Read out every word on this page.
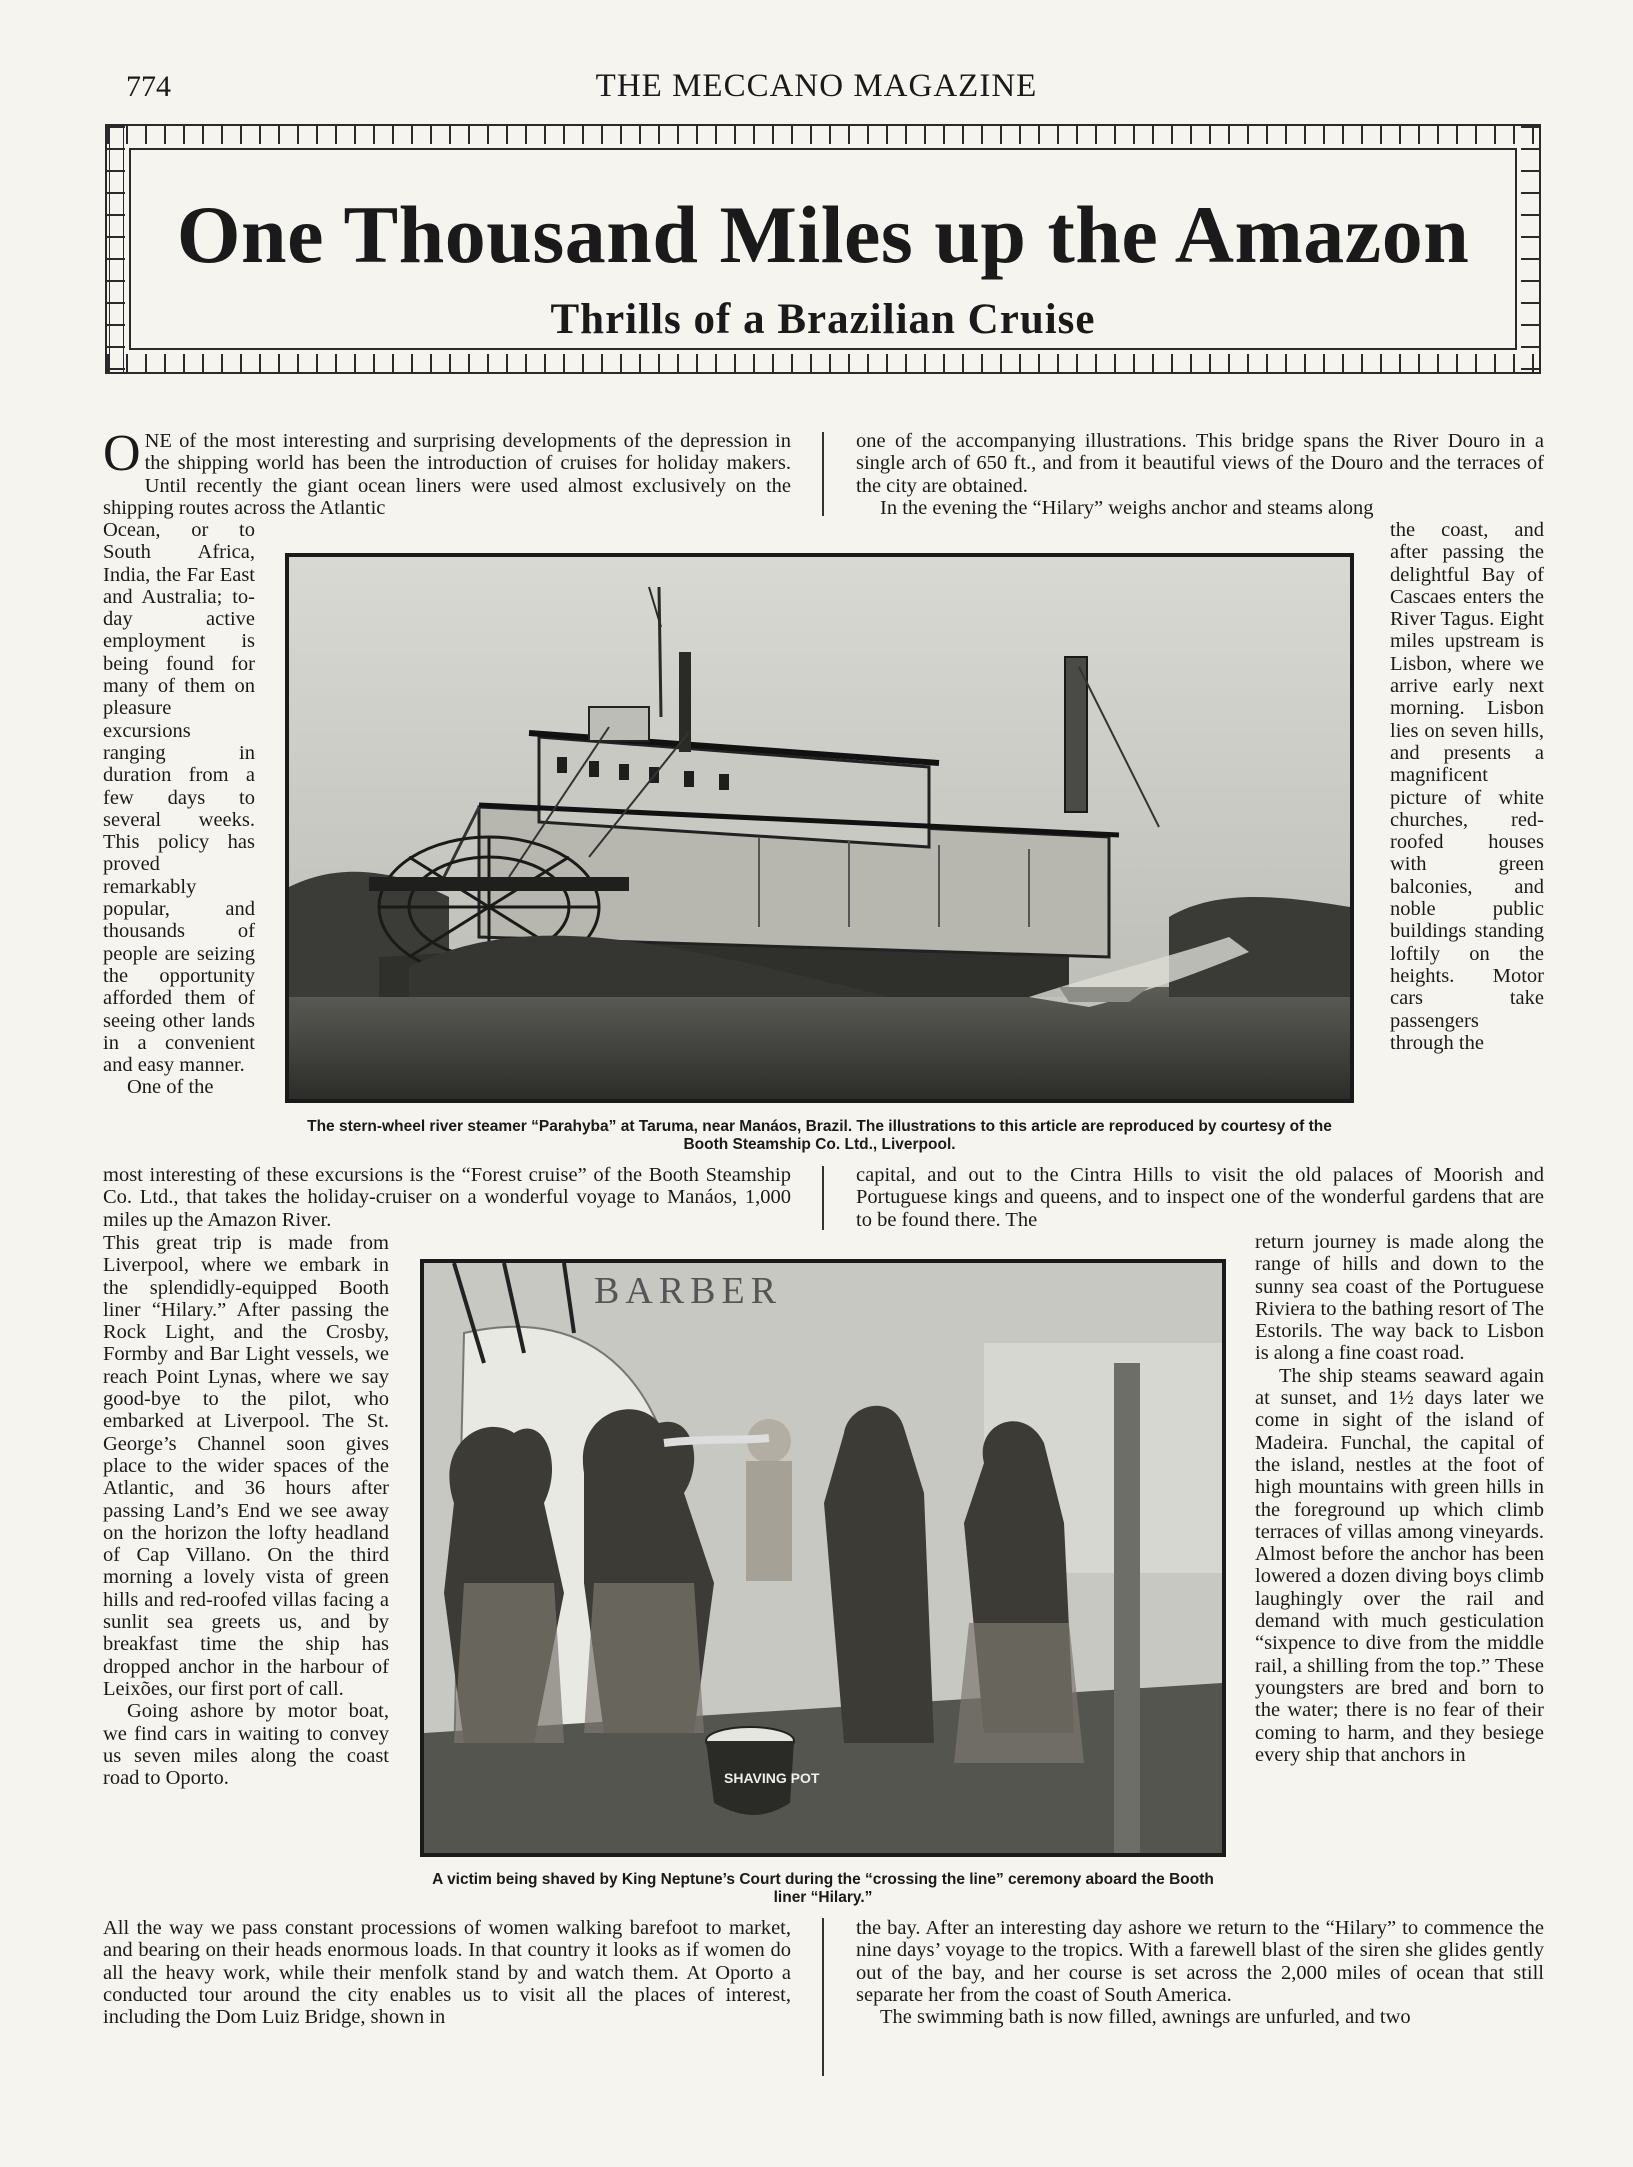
774	THE MECCANO MAGAZINE
One Thousand Miles up the Amazon
Thrills of a Brazilian Cruise

ONE of the most interesting and surprising developments of the depression in the shipping world has been the introduction of cruises for holiday makers. Until recently the giant ocean liners were used almost exclusively on the shipping routes across the Atlantic

Ocean, or to South Africa, India, the Far East and Australia; to-day active employment is being found for many of them on pleasure excursions ranging in duration from a few days to several weeks. This policy has proved remarkably popular, and thousands of people are seizing the opportunity afforded them of seeing other lands in a convenient and easy manner.

One of the

most interesting of these excursions is the “Forest cruise” of the Booth Steamship Co. Ltd., that takes the holiday-cruiser on a wonderful voyage to Manáos, 1,000 miles up the Amazon River.

This great trip is made from Liverpool, where we embark in the splendidly-equipped Booth liner “Hilary.” After passing the Rock Light, and the Crosby, Formby and Bar Light vessels, we reach Point Lynas, where we say good-bye to the pilot, who embarked at Liverpool. The St. George’s Channel soon gives place to the wider spaces of the Atlantic, and 36 hours after passing Land’s End we see away on the horizon the lofty headland of Cap Villano. On the third morning a lovely vista of green hills and red-roofed villas facing a sunlit sea greets us, and by breakfast time the ship has dropped anchor in the harbour of Leixões, our first port of call.

Going ashore by motor boat, we find cars in waiting to convey us seven miles along the coast road to Oporto.

All the way we pass constant processions of women walking barefoot to market, and bearing on their heads enormous loads. In that country it looks as if women do all the heavy work, while their menfolk stand by and watch them. At Oporto a conducted tour around the city enables us to visit all the places of interest, including the Dom Luiz Bridge, shown in

one of the accompanying illustrations. This bridge spans the River Douro in a single arch of 650 ft., and from it beautiful views of the Douro and the terraces of the city are obtained.

In the evening the “Hilary” weighs anchor and steams along

the coast, and after passing the delightful Bay of Cascaes enters the River Tagus. Eight miles upstream is Lisbon, where we arrive early next morning. Lisbon lies on seven hills, and presents a magnificent picture of white churches, red-roofed houses with green balconies, and noble public buildings standing loftily on the heights. Motor cars take passengers through the

capital, and out to the Cintra Hills to visit the old palaces of Moorish and Portuguese kings and queens, and to inspect one of the wonderful gardens that are to be found there. The

return journey is made along the range of hills and down to the sunny sea coast of the Portuguese Riviera to the bathing resort of The Estorils. The way back to Lisbon is along a fine coast road.

The ship steams seaward again at sunset, and 1½ days later we come in sight of the island of Madeira. Funchal, the capital of the island, nestles at the foot of high mountains with green hills in the foreground up which climb terraces of villas among vineyards. Almost before the anchor has been lowered a dozen diving boys climb laughingly over the rail and demand with much gesticulation “sixpence to dive from the middle rail, a shilling from the top.” These youngsters are bred and born to the water; there is no fear of their coming to harm, and they besiege every ship that anchors in

the bay. After an interesting day ashore we return to the “Hilary” to commence the nine days’ voyage to the tropics. With a farewell blast of the siren she glides gently out of the bay, and her course is set across the 2,000 miles of ocean that still separate her from the coast of South America.

The swimming bath is now filled, awnings are unfurled, and two

The stern-wheel river steamer “Parahyba” at Taruma, near Manáos, Brazil. The illustrations to this article are reproduced by courtesy of the Booth Steamship Co. Ltd., Liverpool.
BARBER
SHAVING POT
A victim being shaved by King Neptune’s Court during the “crossing the line” ceremony aboard the Booth liner “Hilary.”
